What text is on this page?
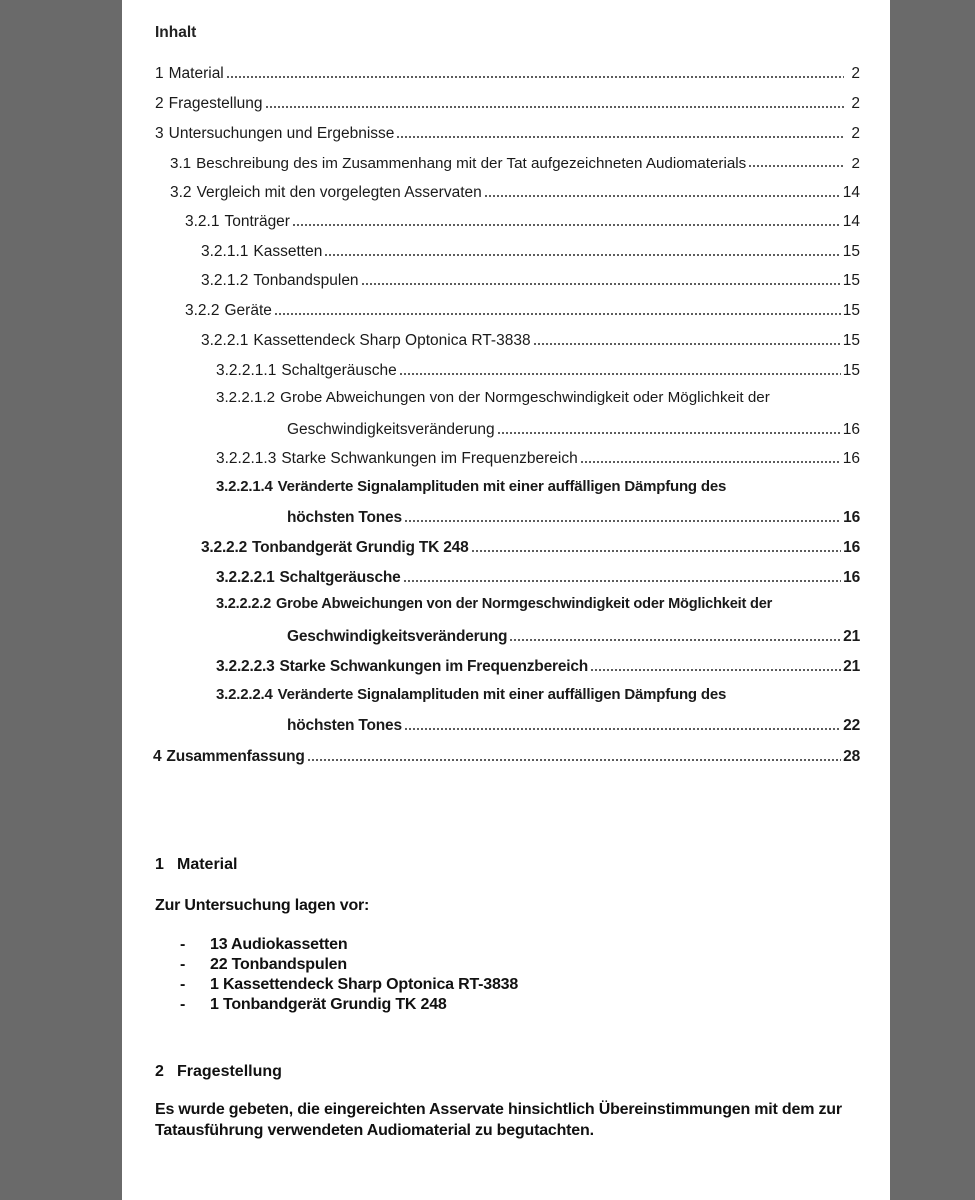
Inhalt
1 Material	2
2 Fragestellung	2
3 Untersuchungen und Ergebnisse	2
3.1 Beschreibung des im Zusammenhang mit der Tat aufgezeichneten Audiomaterials	2
3.2 Vergleich mit den vorgelegten Asservaten	14
3.2.1 Tonträger	14
3.2.1.1 Kassetten	15
3.2.1.2 Tonbandspulen	15
3.2.2 Geräte	15
3.2.2.1 Kassettendeck Sharp Optonica RT-3838	15
3.2.2.1.1 Schaltgeräusche	15
3.2.2.1.2 Grobe Abweichungen von der Normgeschwindigkeit oder Möglichkeit der
Geschwindigkeitsveränderung	16
3.2.2.1.3 Starke Schwankungen im Frequenzbereich	16
3.2.2.1.4 Veränderte Signalamplituden mit einer auffälligen Dämpfung des
höchsten Tones	16
3.2.2.2 Tonbandgerät Grundig TK 248	16
3.2.2.2.1 Schaltgeräusche	16
3.2.2.2.2 Grobe Abweichungen von der Normgeschwindigkeit oder Möglichkeit der
Geschwindigkeitsveränderung	21
3.2.2.2.3 Starke Schwankungen im Frequenzbereich	21
3.2.2.2.4 Veränderte Signalamplituden mit einer auffälligen Dämpfung des
höchsten Tones	22
4 Zusammenfassung	28
1 Material
Zur Untersuchung lagen vor:
- 13 Audiokassetten
- 22 Tonbandspulen
- 1 Kassettendeck Sharp Optonica RT-3838
- 1 Tonbandgerät Grundig TK 248
2 Fragestellung
Es wurde gebeten, die eingereichten Asservate hinsichtlich Übereinstimmungen mit dem zur Tatausführung verwendeten Audiomaterial zu begutachten.
